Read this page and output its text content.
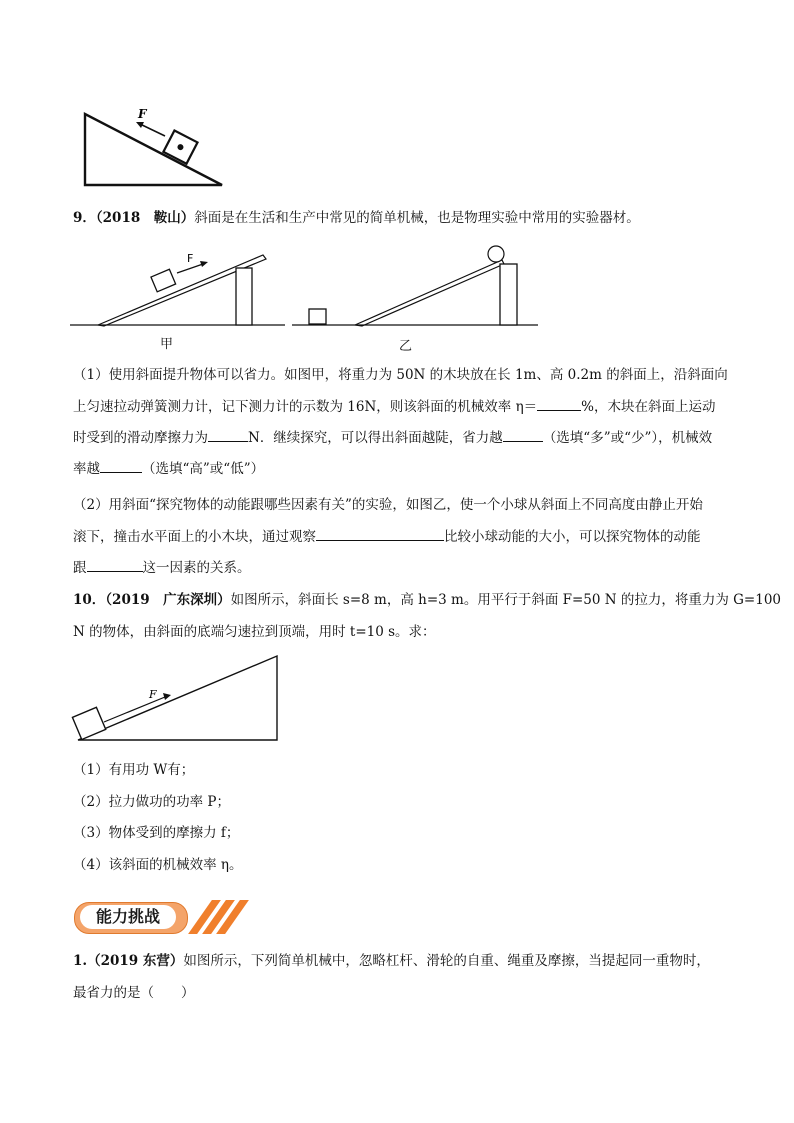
F
9．（2018　鞍山）斜面是在生活和生产中常见的简单机械，也是物理实验中常用的实验器材。
F
甲	乙
（1）使用斜面提升物体可以省力。如图甲，将重力为 50N 的木块放在长 1m、高 0.2m 的斜面上，沿斜面向
上匀速拉动弹簧测力计，记下测力计的示数为 16N，则该斜面的机械效率 η＝	%，木块在斜面上运动
时受到的滑动摩擦力为	N．继续探究，可以得出斜面越陡，省力越	（选填“多”或“少”），机械效
率越	（选填“高”或“低”）
（2）用斜面“探究物体的动能跟哪些因素有关”的实验，如图乙，使一个小球从斜面上不同高度由静止开始
滚下，撞击水平面上的小木块，通过观察	比较小球动能的大小，可以探究物体的动能
跟	这一因素的关系。
10．（2019　广东深圳）如图所示，斜面长 s=8 m，高 h=3 m。用平行于斜面 F=50 N 的拉力，将重力为 G=100
N 的物体，由斜面的底端匀速拉到顶端，用时 t=10 s。求：
F
（1）有用功 W有；
（2）拉力做功的功率 P；
（3）物体受到的摩擦力 f；
（4）该斜面的机械效率 η。
能力挑战
1.（2019 东营）如图所示，下列简单机械中，忽略杠杆、滑轮的自重、绳重及摩擦，当提起同一重物时，
最省力的是（　　）
